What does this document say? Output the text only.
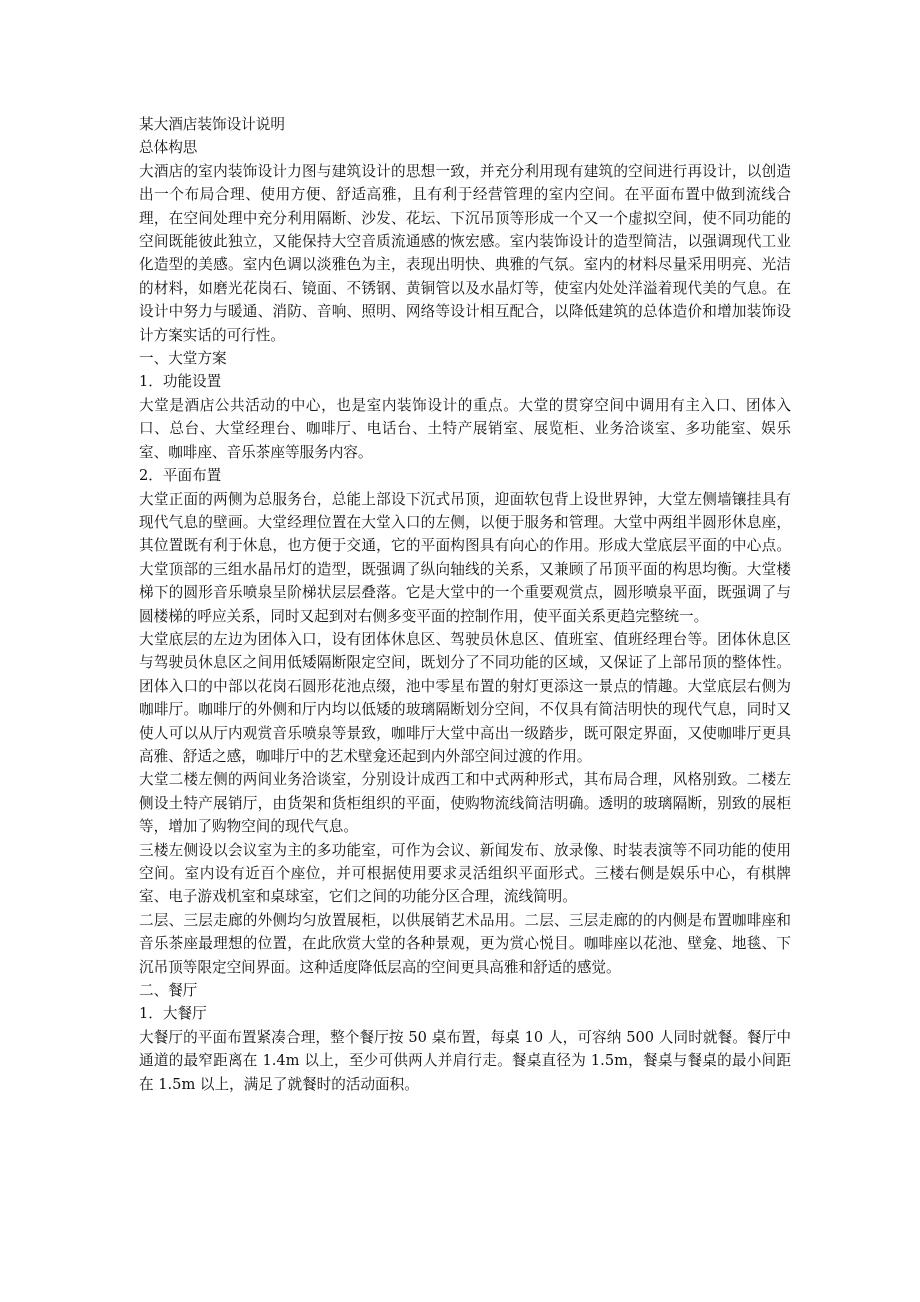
某大酒店装饰设计说明

总体构思

大酒店的室内装饰设计力图与建筑设计的思想一致，并充分利用现有建筑的空间进行再设计，以创造出一个布局合理、使用方便、舒适高雅，且有利于经营管理的室内空间。在平面布置中做到流线合理，在空间处理中充分利用隔断、沙发、花坛、下沉吊顶等形成一个又一个虚拟空间，使不同功能的空间既能彼此独立，又能保持大空音质流通感的恢宏感。室内装饰设计的造型简洁，以强调现代工业化造型的美感。室内色调以淡雅色为主，表现出明快、典雅的气氛。室内的材料尽量采用明亮、光洁的材料，如磨光花岗石、镜面、不锈钢、黄铜管以及水晶灯等，使室内处处洋溢着现代美的气息。在设计中努力与暖通、消防、音响、照明、网络等设计相互配合，以降低建筑的总体造价和增加装饰设计方案实话的可行性。

一、大堂方案

1．功能设置

大堂是酒店公共活动的中心，也是室内装饰设计的重点。大堂的贯穿空间中调用有主入口、团体入口、总台、大堂经理台、咖啡厅、电话台、土特产展销室、展览柜、业务洽谈室、多功能室、娱乐室、咖啡座、音乐茶座等服务内容。

2．平面布置

大堂正面的两侧为总服务台，总能上部设下沉式吊顶，迎面软包背上设世界钟，大堂左侧墙镶挂具有现代气息的壁画。大堂经理位置在大堂入口的左侧，以便于服务和管理。大堂中两组半圆形休息座，其位置既有利于休息，也方便于交通，它的平面构图具有向心的作用。形成大堂底层平面的中心点。大堂顶部的三组水晶吊灯的造型，既强调了纵向轴线的关系，又兼顾了吊顶平面的构思均衡。大堂楼梯下的圆形音乐喷泉呈阶梯状层层叠落。它是大堂中的一个重要观赏点，圆形喷泉平面，既强调了与圆楼梯的呼应关系，同时又起到对右侧多变平面的控制作用，使平面关系更趋完整统一。

大堂底层的左边为团体入口，设有团体休息区、驾驶员休息区、值班室、值班经理台等。团体休息区与驾驶员休息区之间用低矮隔断限定空间，既划分了不同功能的区域，又保证了上部吊顶的整体性。团体入口的中部以花岗石圆形花池点缀，池中零星布置的射灯更添这一景点的情趣。大堂底层右侧为咖啡厅。咖啡厅的外侧和厅内均以低矮的玻璃隔断划分空间，不仅具有简洁明快的现代气息，同时又使人可以从厅内观赏音乐喷泉等景致，咖啡厅大堂中高出一级踏步，既可限定界面，又使咖啡厅更具高雅、舒适之感，咖啡厅中的艺术壁龛还起到内外部空间过渡的作用。

大堂二楼左侧的两间业务洽谈室，分别设计成西工和中式两种形式，其布局合理，风格别致。二楼左侧设土特产展销厅，由货架和货柜组织的平面，使购物流线简洁明确。透明的玻璃隔断，别致的展柜等，增加了购物空间的现代气息。

三楼左侧设以会议室为主的多功能室，可作为会议、新闻发布、放录像、时装表演等不同功能的使用空间。室内设有近百个座位，并可根据使用要求灵活组织平面形式。三楼右侧是娱乐中心，有棋牌室、电子游戏机室和桌球室，它们之间的功能分区合理，流线简明。

二层、三层走廊的外侧均匀放置展柜，以供展销艺术品用。二层、三层走廊的的内侧是布置咖啡座和音乐茶座最理想的位置，在此欣赏大堂的各种景观，更为赏心悦目。咖啡座以花池、壁龛、地毯、下沉吊顶等限定空间界面。这种适度降低层高的空间更具高雅和舒适的感觉。

二、餐厅

1．大餐厅

大餐厅的平面布置紧凑合理，整个餐厅按 50 桌布置，每桌 10 人，可容纳 500 人同时就餐。餐厅中通道的最窄距离在 1.4m 以上，至少可供两人并肩行走。餐桌直径为 1.5m，餐桌与餐桌的最小间距在 1.5m 以上，满足了就餐时的活动面积。
